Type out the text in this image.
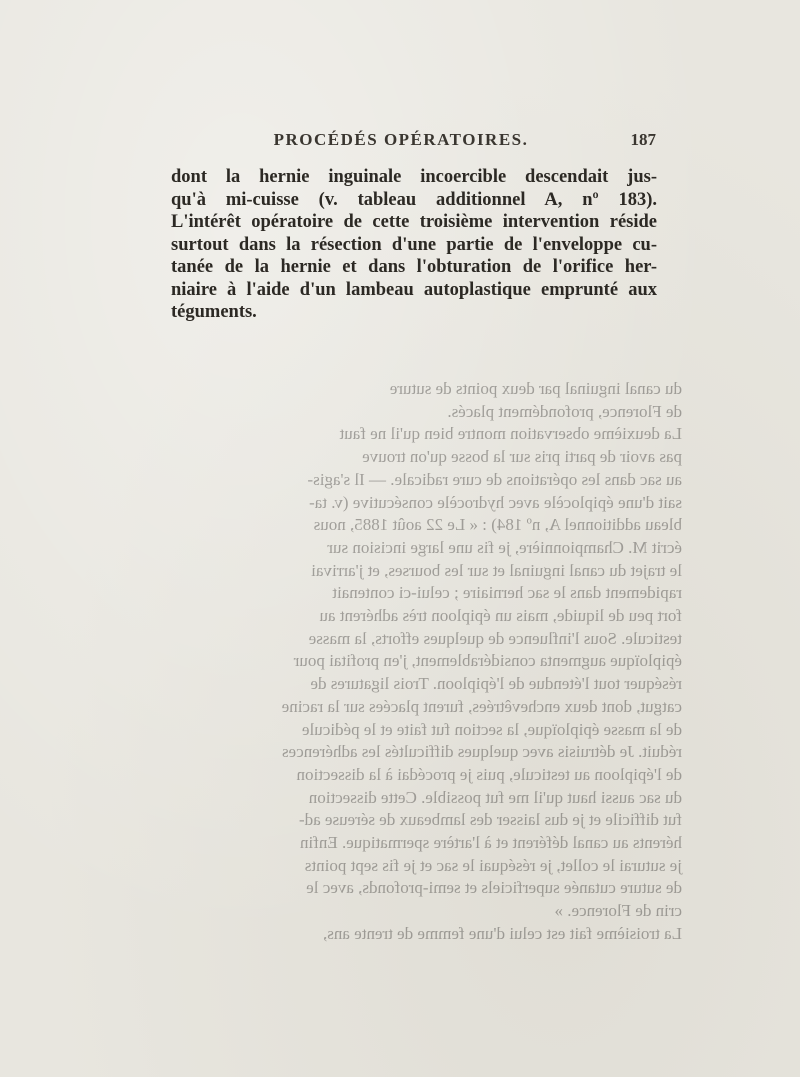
PROCÉDÉS OPÉRATOIRES.	187
dont la hernie inguinale incoercible descendait jus-
qu'à mi-cuisse (v. tableau additionnel A, nº 183).
L'intérêt opératoire de cette troisième intervention réside
surtout dans la résection d'une partie de l'enveloppe cu-
tanée de la hernie et dans l'obturation de l'orifice her-
niaire à l'aide d'un lambeau autoplastique emprunté aux
téguments.
du canal inguinal par deux points de suture
de Florence, profondément placés.
La deuxième observation montre bien qu'il ne faut
pas avoir de parti pris sur la bosse qu'on trouve
au sac dans les opérations de cure radicale. — Il s'agis-
sait d'une épiplocèle avec hydrocèle consécutive (v. ta-
bleau additionnel A, nº 184) : « Le 22 août 1885, nous
écrit M. Championnière, je fis une large incision sur
le trajet du canal inguinal et sur les bourses, et j'arrivai
rapidement dans le sac herniaire ; celui-ci contenait
fort peu de liquide, mais un épiploon très adhérent au
testicule. Sous l'influence de quelques efforts, la masse
épiploïque augmenta considérablement, j'en profitai pour
réséquer tout l'étendue de l'épiploon. Trois ligatures de
catgut, dont deux enchevêtrées, furent placées sur la racine
de la masse épiploïque, la section fut faite et le pédicule
réduit. Je détruisis avec quelques difficultés les adhérences
de l'épiploon au testicule, puis je procédai à la dissection
du sac aussi haut qu'il me fut possible. Cette dissection
fut difficile et je dus laisser des lambeaux de séreuse ad-
hérents au canal déférent et à l'artère spermatique. Enfin
je suturai le collet, je réséquai le sac et je fis sept points
de suture cutanée superficiels et semi-profonds, avec le
crin de Florence. »
La troisième fait est celui d'une femme de trente ans,
